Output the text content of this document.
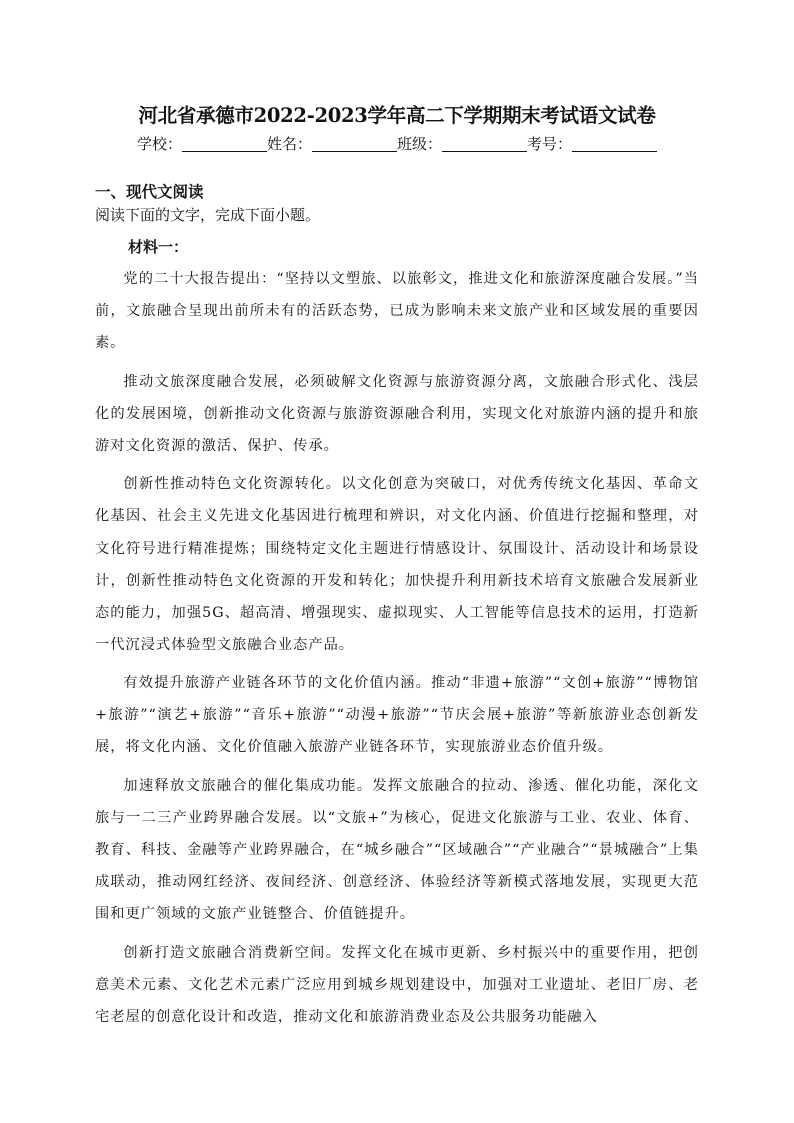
河北省承德市2022-2023学年高二下学期期末考试语文试卷
学校：	姓名：	班级：	考号：
一、现代文阅读
阅读下面的文字，完成下面小题。
材料一：

党的二十大报告提出：“坚持以文塑旅、以旅彰文，推进文化和旅游深度融合发展。”当前，文旅融合呈现出前所未有的活跃态势，已成为影响未来文旅产业和区域发展的重要因素。

推动文旅深度融合发展，必须破解文化资源与旅游资源分离，文旅融合形式化、浅层化的发展困境，创新推动文化资源与旅游资源融合利用，实现文化对旅游内涵的提升和旅游对文化资源的激活、保护、传承。

创新性推动特色文化资源转化。以文化创意为突破口，对优秀传统文化基因、革命文化基因、社会主义先进文化基因进行梳理和辨识，对文化内涵、价值进行挖掘和整理，对文化符号进行精准提炼；围绕特定文化主题进行情感设计、氛围设计、活动设计和场景设计，创新性推动特色文化资源的开发和转化；加快提升利用新技术培育文旅融合发展新业态的能力，加强5G、超高清、增强现实、虚拟现实、人工智能等信息技术的运用，打造新一代沉浸式体验型文旅融合业态产品。

有效提升旅游产业链各环节的文化价值内涵。推动“非遗+旅游”“文创+旅游”“博物馆+旅游”“演艺+旅游”“音乐+旅游”“动漫+旅游”“节庆会展+旅游”等新旅游业态创新发展，将文化内涵、文化价值融入旅游产业链各环节，实现旅游业态价值升级。

加速释放文旅融合的催化集成功能。发挥文旅融合的拉动、渗透、催化功能，深化文旅与一二三产业跨界融合发展。以“文旅+”为核心，促进文化旅游与工业、农业、体育、教育、科技、金融等产业跨界融合，在“城乡融合”“区域融合”“产业融合”“景城融合”上集成联动，推动网红经济、夜间经济、创意经济、体验经济等新模式落地发展，实现更大范围和更广领域的文旅产业链整合、价值链提升。

创新打造文旅融合消费新空间。发挥文化在城市更新、乡村振兴中的重要作用，把创意美术元素、文化艺术元素广泛应用到城乡规划建设中，加强对工业遗址、老旧厂房、老宅老屋的创意化设计和改造，推动文化和旅游消费业态及公共服务功能融入
